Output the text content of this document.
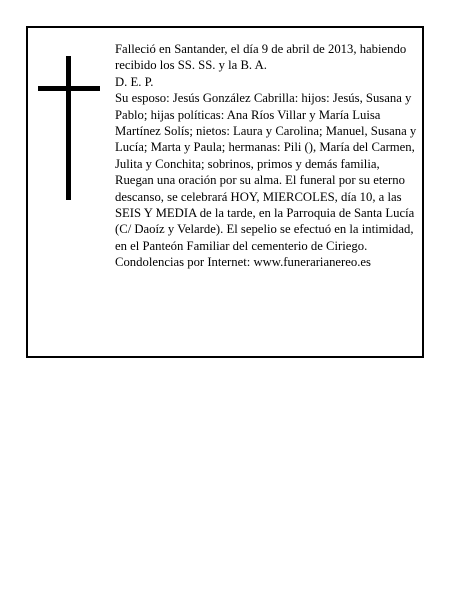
Falleció en Santander, el día 9 de abril de 2013, habiendo recibido los SS. SS. y la B. A.

D. E. P.

Su esposo: Jesús González Cabrilla: hijos: Jesús, Susana y Pablo; hijas políticas: Ana Ríos Villar y María Luisa Martínez Solís; nietos: Laura y Carolina; Manuel, Susana y Lucía; Marta y Paula; hermanas: Pili (), María del Carmen, Julita y Conchita; sobrinos, primos y demás familia,

Ruegan una oración por su alma. El funeral por su eterno descanso, se celebrará HOY, MIERCOLES, día 10, a las SEIS Y MEDIA de la tarde, en la Parroquia de Santa Lucía (C/ Daoíz y Velarde). El sepelio se efectuó en la intimidad, en el Panteón Familiar del cementerio de Ciriego.

Condolencias por Internet: www.funerarianereo.es
